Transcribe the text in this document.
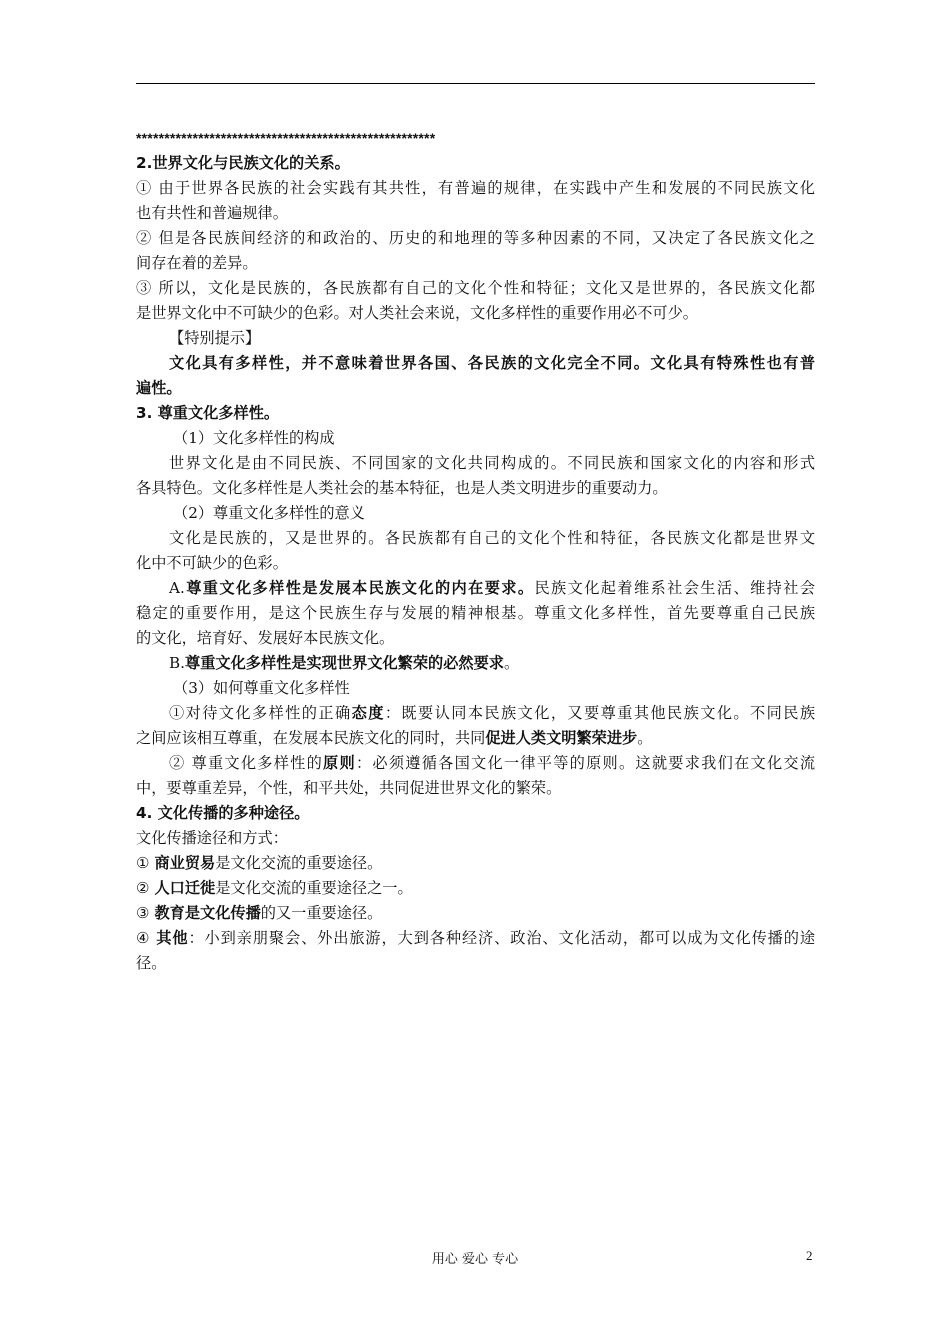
*****************************************************
2.世界文化与民族文化的关系。
① 由于世界各民族的社会实践有其共性，有普遍的规律，在实践中产生和发展的不同民族文化
也有共性和普遍规律。
② 但是各民族间经济的和政治的、历史的和地理的等多种因素的不同，又决定了各民族文化之
间存在着的差异。
③ 所以，文化是民族的，各民族都有自己的文化个性和特征；文化又是世界的，各民族文化都
是世界文化中不可缺少的色彩。对人类社会来说，文化多样性的重要作用必不可少。
【特别提示】
文化具有多样性，并不意味着世界各国、各民族的文化完全不同。文化具有特殊性也有普
遍性。
3. 尊重文化多样性。
（1）文化多样性的构成
世界文化是由不同民族、不同国家的文化共同构成的。不同民族和国家文化的内容和形式
各具特色。文化多样性是人类社会的基本特征，也是人类文明进步的重要动力。
（2）尊重文化多样性的意义
文化是民族的，又是世界的。各民族都有自己的文化个性和特征，各民族文化都是世界文
化中不可缺少的色彩。
A.尊重文化多样性是发展本民族文化的内在要求。民族文化起着维系社会生活、维持社会
稳定的重要作用，是这个民族生存与发展的精神根基。尊重文化多样性，首先要尊重自己民族
的文化，培育好、发展好本民族文化。
B.尊重文化多样性是实现世界文化繁荣的必然要求。
（3）如何尊重文化多样性
①对待文化多样性的正确态度：既要认同本民族文化，又要尊重其他民族文化。不同民族
之间应该相互尊重，在发展本民族文化的同时，共同促进人类文明繁荣进步。
② 尊重文化多样性的原则：必须遵循各国文化一律平等的原则。这就要求我们在文化交流
中，要尊重差异，个性，和平共处，共同促进世界文化的繁荣。
4. 文化传播的多种途径。
文化传播途径和方式：
① 商业贸易是文化交流的重要途径。
② 人口迁徙是文化交流的重要途径之一。
③ 教育是文化传播的又一重要途径。
④ 其他：小到亲朋聚会、外出旅游，大到各种经济、政治、文化活动，都可以成为文化传播的途
径。
用心 爱心 专心	2
